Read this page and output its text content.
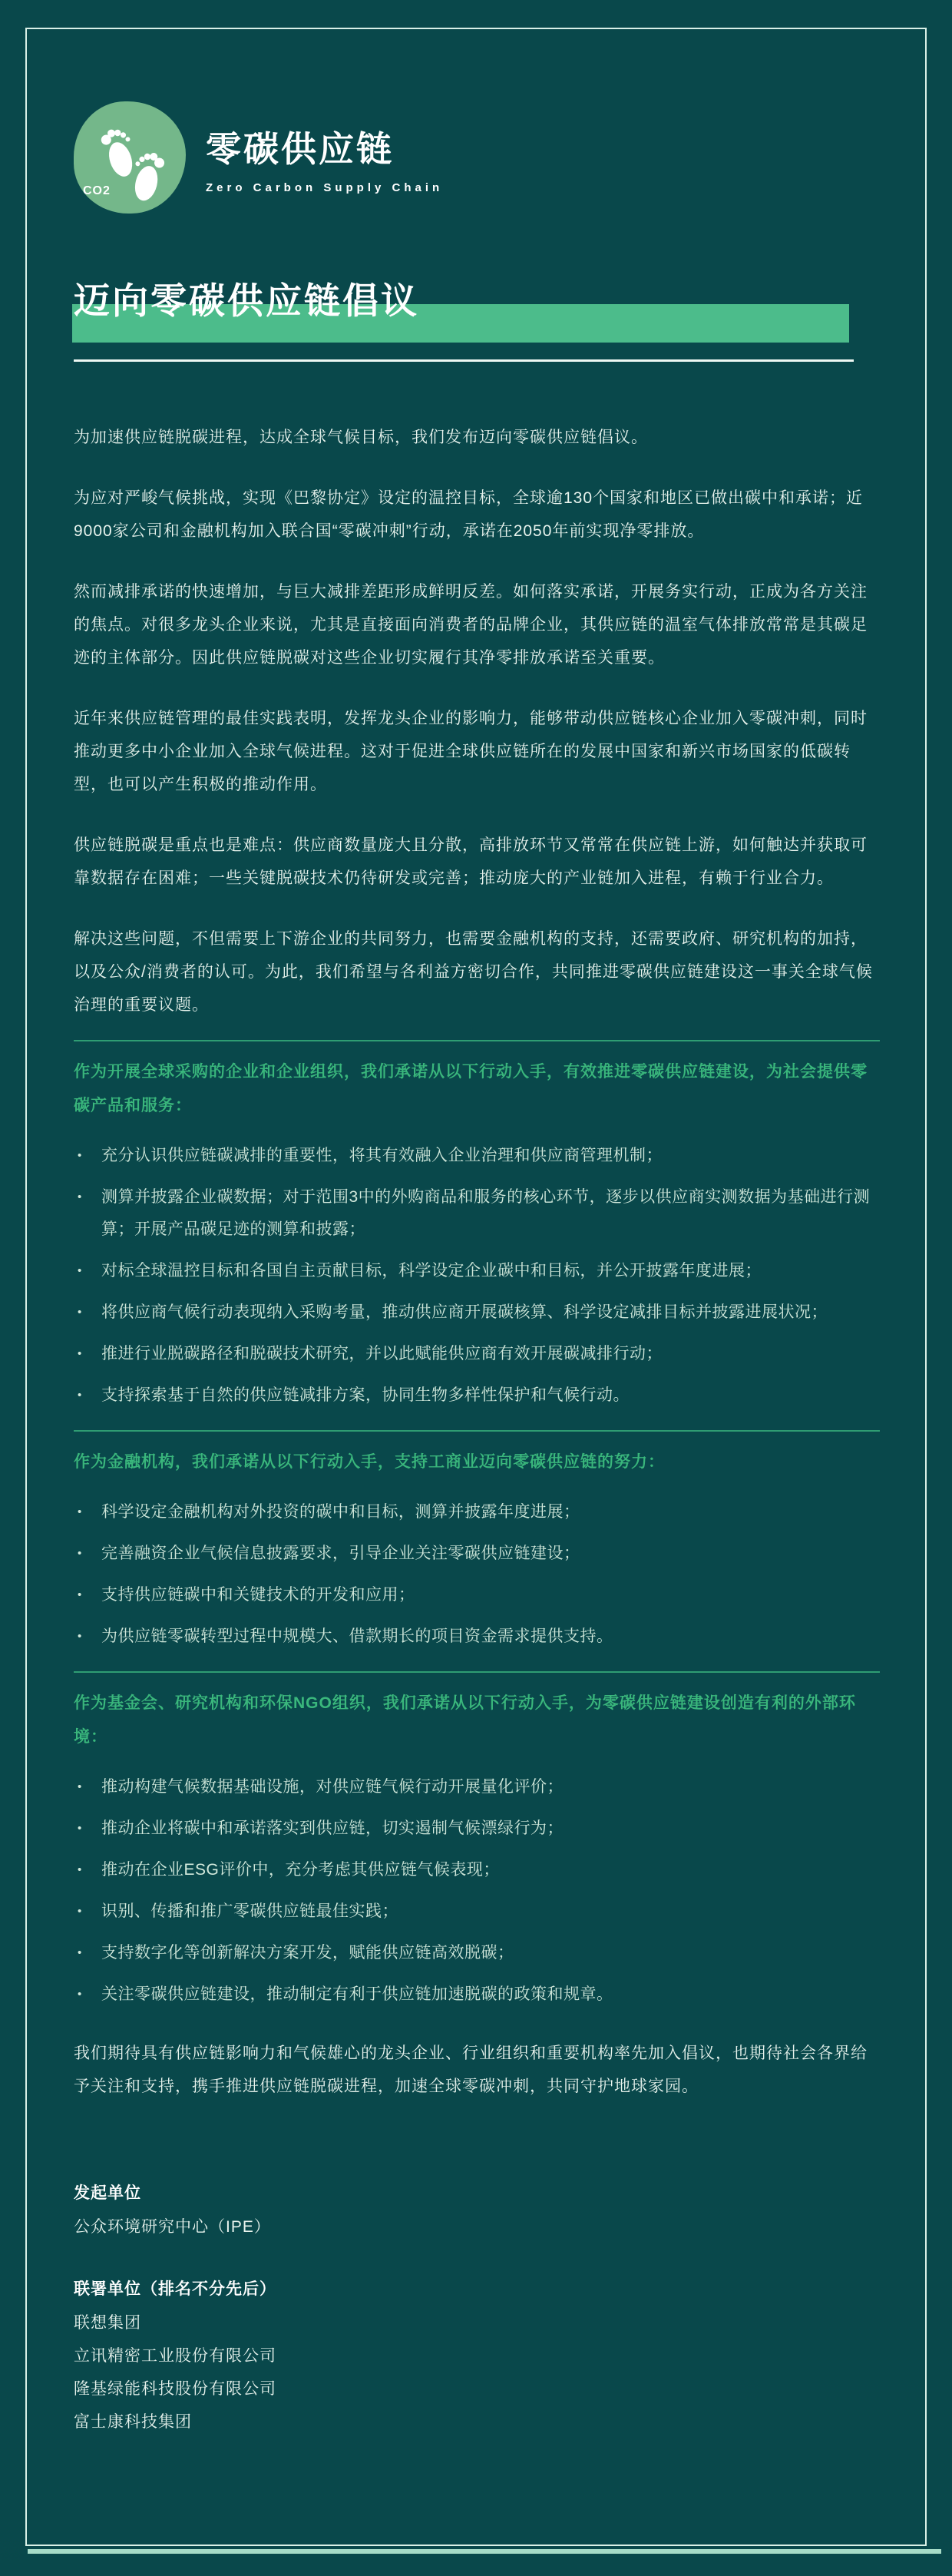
CO2
零碳供应链
Zero Carbon Supply Chain
迈向零碳供应链倡议

为加速供应链脱碳进程，达成全球气候目标，我们发布迈向零碳供应链倡议。

为应对严峻气候挑战，实现《巴黎协定》设定的温控目标，全球逾130个国家和地区已做出碳中和承诺；近9000家公司和金融机构加入联合国“零碳冲刺”行动，承诺在2050年前实现净零排放。

然而减排承诺的快速增加，与巨大减排差距形成鲜明反差。如何落实承诺，开展务实行动，正成为各方关注的焦点。对很多龙头企业来说，尤其是直接面向消费者的品牌企业，其供应链的温室气体排放常常是其碳足迹的主体部分。因此供应链脱碳对这些企业切实履行其净零排放承诺至关重要。

近年来供应链管理的最佳实践表明，发挥龙头企业的影响力，能够带动供应链核心企业加入零碳冲刺，同时推动更多中小企业加入全球气候进程。这对于促进全球供应链所在的发展中国家和新兴市场国家的低碳转型，也可以产生积极的推动作用。

供应链脱碳是重点也是难点：供应商数量庞大且分散，高排放环节又常常在供应链上游，如何触达并获取可靠数据存在困难；一些关键脱碳技术仍待研发或完善；推动庞大的产业链加入进程，有赖于行业合力。

解决这些问题，不但需要上下游企业的共同努力，也需要金融机构的支持，还需要政府、研究机构的加持，以及公众/消费者的认可。为此，我们希望与各利益方密切合作，共同推进零碳供应链建设这一事关全球气候治理的重要议题。

作为开展全球采购的企业和企业组织，我们承诺从以下行动入手，有效推进零碳供应链建设，为社会提供零碳产品和服务：
• 充分认识供应链碳减排的重要性，将其有效融入企业治理和供应商管理机制；
• 测算并披露企业碳数据；对于范围3中的外购商品和服务的核心环节，逐步以供应商实测数据为基础进行测算；开展产品碳足迹的测算和披露；
• 对标全球温控目标和各国自主贡献目标，科学设定企业碳中和目标，并公开披露年度进展；
• 将供应商气候行动表现纳入采购考量，推动供应商开展碳核算、科学设定减排目标并披露进展状况；
• 推进行业脱碳路径和脱碳技术研究，并以此赋能供应商有效开展碳减排行动；
• 支持探索基于自然的供应链减排方案，协同生物多样性保护和气候行动。
作为金融机构，我们承诺从以下行动入手，支持工商业迈向零碳供应链的努力：
• 科学设定金融机构对外投资的碳中和目标，测算并披露年度进展；
• 完善融资企业气候信息披露要求，引导企业关注零碳供应链建设；
• 支持供应链碳中和关键技术的开发和应用；
• 为供应链零碳转型过程中规模大、借款期长的项目资金需求提供支持。
作为基金会、研究机构和环保NGO组织，我们承诺从以下行动入手，为零碳供应链建设创造有利的外部环境：
• 推动构建气候数据基础设施，对供应链气候行动开展量化评价；
• 推动企业将碳中和承诺落实到供应链，切实遏制气候漂绿行为；
• 推动在企业ESG评价中，充分考虑其供应链气候表现；
• 识别、传播和推广零碳供应链最佳实践；
• 支持数字化等创新解决方案开发，赋能供应链高效脱碳；
• 关注零碳供应链建设，推动制定有利于供应链加速脱碳的政策和规章。

我们期待具有供应链影响力和气候雄心的龙头企业、行业组织和重要机构率先加入倡议，也期待社会各界给予关注和支持，携手推进供应链脱碳进程，加速全球零碳冲刺，共同守护地球家园。

发起单位
公众环境研究中心（IPE）
联署单位（排名不分先后）
联想集团
立讯精密工业股份有限公司
隆基绿能科技股份有限公司
富士康科技集团
